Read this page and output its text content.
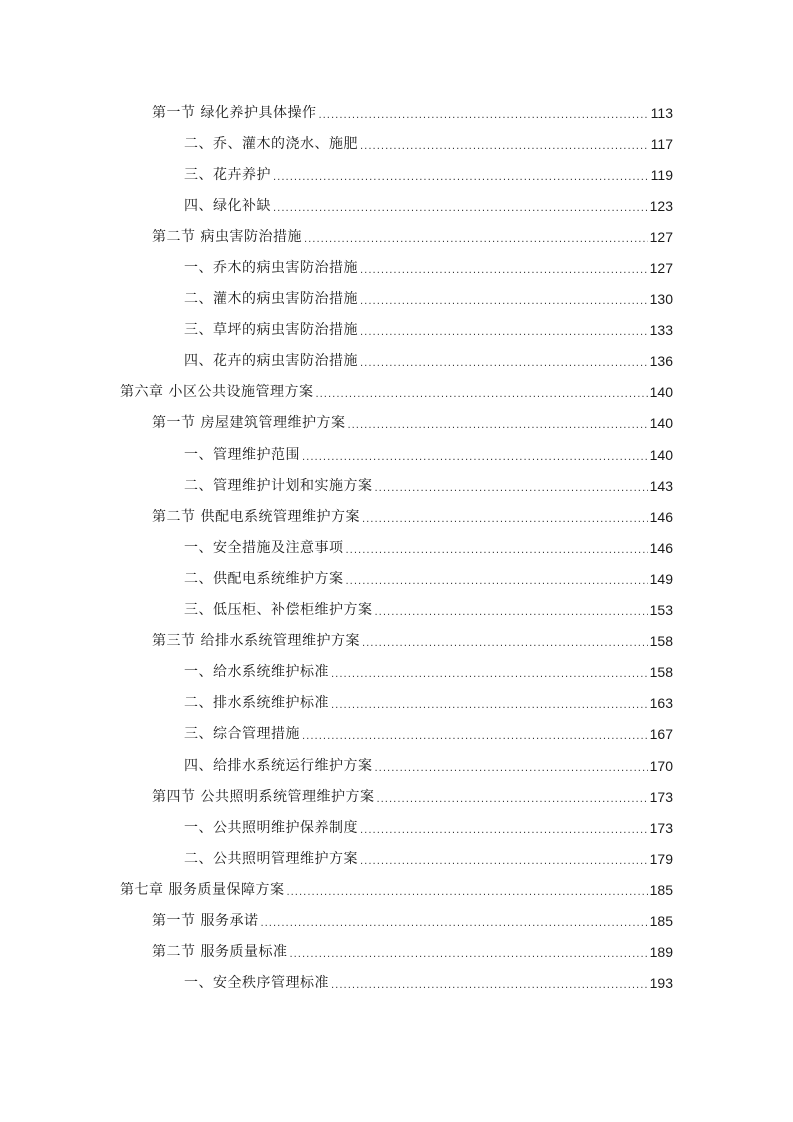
第一节 绿化养护具体操作 .....	113
二、乔、灌木的浇水、施肥 .....	117
三、花卉养护 .....	119
四、绿化补缺 .....	123
第二节 病虫害防治措施 .....	127
一、乔木的病虫害防治措施 .....	127
二、灌木的病虫害防治措施 .....	130
三、草坪的病虫害防治措施 .....	133
四、花卉的病虫害防治措施 .....	136
第六章 小区公共设施管理方案 .....	140
第一节 房屋建筑管理维护方案 .....	140
一、管理维护范围 .....	140
二、管理维护计划和实施方案 .....	143
第二节 供配电系统管理维护方案 .....	146
一、安全措施及注意事项 .....	146
二、供配电系统维护方案 .....	149
三、低压柜、补偿柜维护方案 .....	153
第三节 给排水系统管理维护方案 .....	158
一、给水系统维护标准 .....	158
二、排水系统维护标准 .....	163
三、综合管理措施 .....	167
四、给排水系统运行维护方案 .....	170
第四节 公共照明系统管理维护方案 .....	173
一、公共照明维护保养制度 .....	173
二、公共照明管理维护方案 .....	179
第七章 服务质量保障方案 .....	185
第一节 服务承诺 .....	185
第二节 服务质量标准 .....	189
一、安全秩序管理标准 .....	193
